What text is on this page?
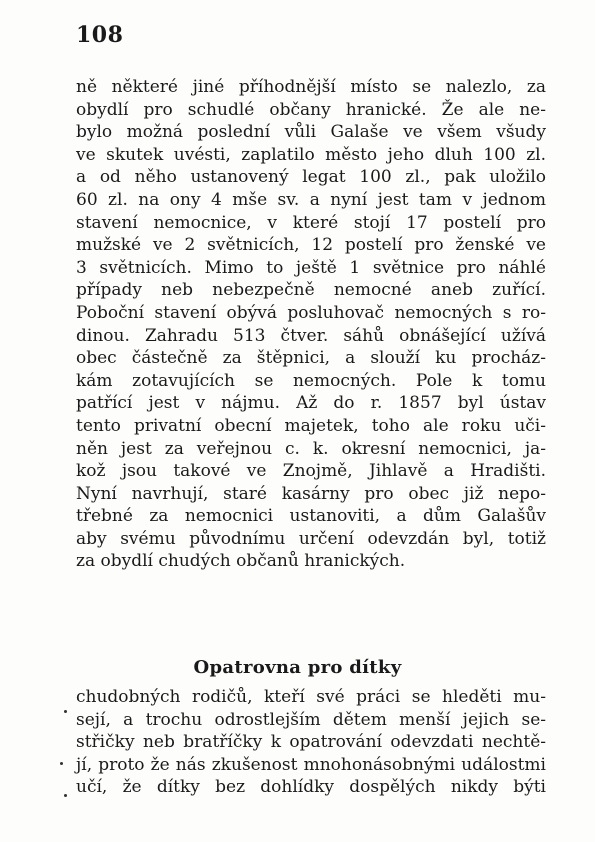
108
ně některé jiné příhodnější místo se nalezlo, za
obydlí pro schudlé občany hranické. Že ale ne-
bylo možná poslední vůli Galaše ve všem všudy
ve skutek uvésti, zaplatilo město jeho dluh 100 zl.
a od něho ustanovený legat 100 zl., pak uložilo
60 zl. na ony 4 mše sv. a nyní jest tam v jednom
stavení nemocnice, v které stojí 17 postelí pro
mužské ve 2 světnicích, 12 postelí pro ženské ve
3 světnicích. Mimo to ještě 1 světnice pro náhlé
případy neb nebezpečně nemocné aneb zuřící.
Poboční stavení obývá posluhovač nemocných s ro-
dinou. Zahradu 513 čtver. sáhů obnášející užívá
obec částečně za štěpnici, a slouží ku procház-
kám zotavujících se nemocných. Pole k tomu
patřící jest v nájmu. Až do r. 1857 byl ústav
tento privatní obecní majetek, toho ale roku uči-
něn jest za veřejnou c. k. okresní nemocnici, ja-
kož jsou takové ve Znojmě, Jihlavě a Hradišti.
Nyní navrhují, staré kasárny pro obec již nepo-
třebné za nemocnici ustanoviti, a dům Galašův
aby svému původnímu určení odevzdán byl, totiž
za obydlí chudých občanů hranických.
Opatrovna pro dítky
chudobných rodičů, kteří své práci se hleděti mu-
sejí, a trochu odrostlejším dětem menší jejich se-
střičky neb bratříčky k opatrování odevzdati nechtě-
jí, proto že nás zkušenost mnohonásobnými událostmi
učí, že dítky bez dohlídky dospělých nikdy býti
